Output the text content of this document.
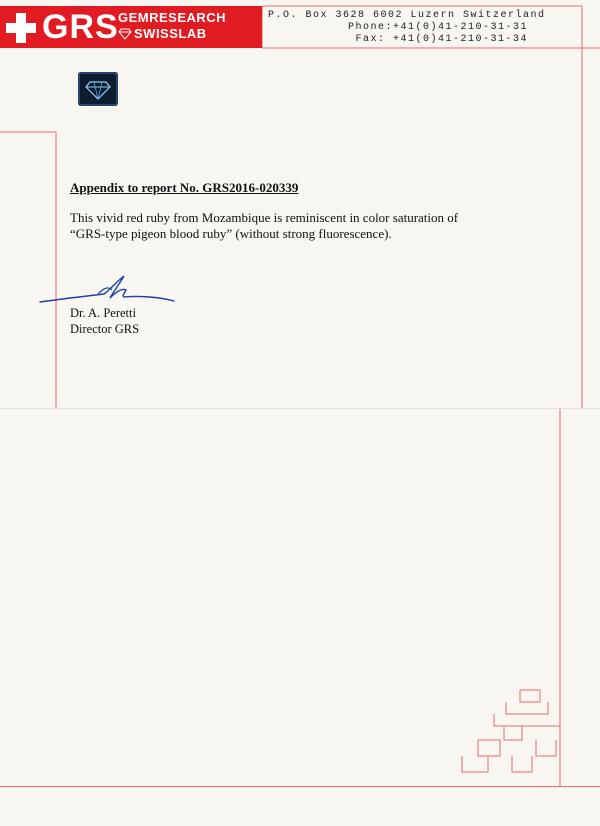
GRS GEMRESEARCH
SWISSLAB
P.O. Box 3628 6002 Luzern Switzerland
Phone:+41(0)41-210-31-31
Fax: +41(0)41-210-31-34
Appendix to report No. GRS2016-020339

This vivid red ruby from Mozambique is reminiscent in color saturation of

“GRS-type pigeon blood ruby” (without strong fluorescence).

Dr. A. Peretti
Director GRS
